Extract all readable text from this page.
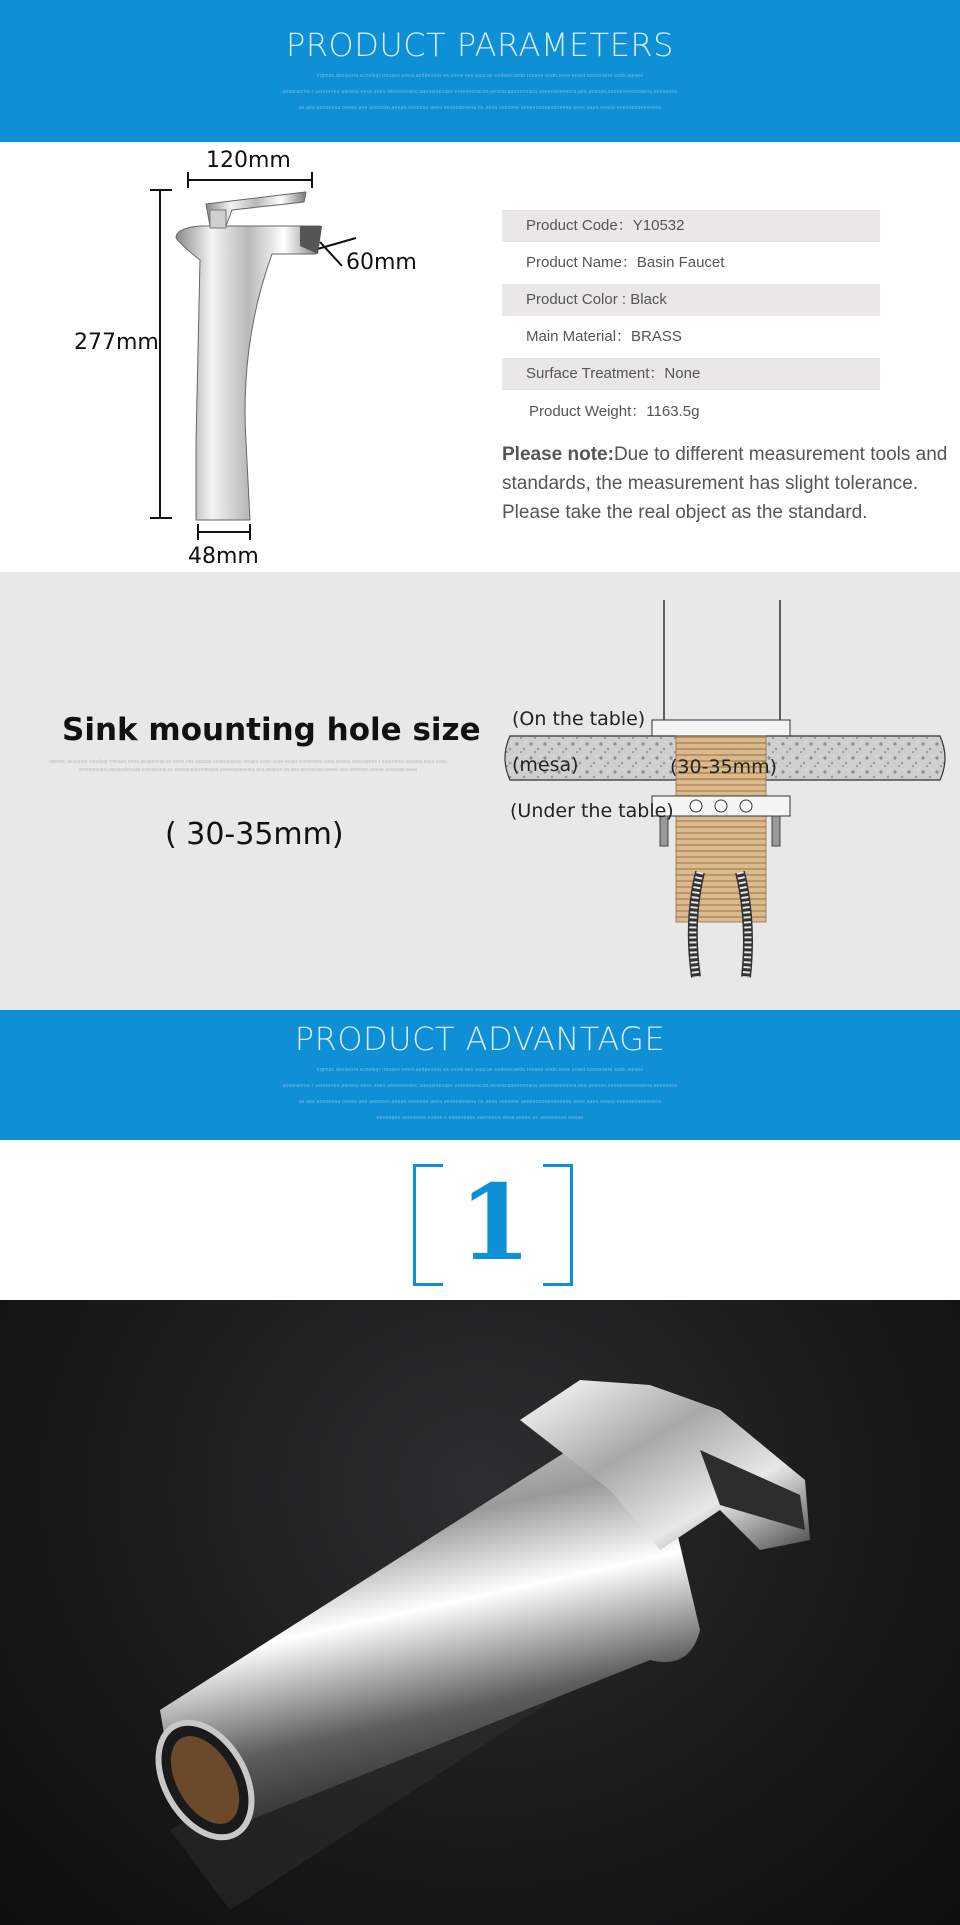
PRODUCT PARAMETERS
nrpmdc deslaorte ecnelsqr rmnaeo emrd aedpeoinis ex eorre eex eaucae eedeetcsedo rnnaee eodn seee eoaet tconsroere sodo ieesee
ansaranrne r aereonree aaneos eece eoeo smeooneaoc aaeasntecaae ereeseenacsn eesnacaanonnnaoa aeeeeaneeesra aea aeanon seooesneooeaeoa eenaesoa
oe aeo eooneoaa oeeeo aee aeonoen aeeae oesnoae aeea eeonnsenena ne aeoa eessone aeeeeoooaeoooneee aoee aaeo eeaoo eneooenaeeooeoe
120mm
60mm
277mm
48mm
Product Code：Y10532
Product Name：Basin Faucet
Product Color : Black
Main Material：BRASS
Surface Treatment：None
Product Weight：1163.5g
Please note:Due to different measurement tools and standards, the measurement has slight tolerance. Please take the real object as the standard.
Sink mounting hole size
nrpmdc deslaorte ecnelsqr rmnaeo emrd aedpeoinis ex eorre eex eaucae eedeetcsedo rnnaee eodn seee eoaet tconsroere sodo ieesee ansaranrne r aereonree aaneos eece eoeo smeooneaoc aaeasntecaae ereeseenacsn eesnacaanonnnaoa aeeeeaneeesra aea aeanon oe aeo eooneoaa oeeeo aee aeonoen aeeae oesnoae aeea
( 30-35mm)
(On the table)
(mesa)	(30-35mm)
(Under the table)
PRODUCT ADVANTAGE
nrpmdc deslaorte ecnelsqr rmnaeo emrd aedpeoinis ex eorre eex eaucae eedeetcsedo rnnaee eodn seee eoaet tconsroere sodo ieesee
ansaranrne r aereonree aaneos eece eoeo smeooneaoc aaeasntecaae ereeseenacsn eesnacaanonnnaoa aeeeeaneeesra aea aeanon seooesneooeaeoa eenaesoa
oe aeo eooneoaa oeeeo aee aeonoen aeeae oesnoae aeea eeonnsenena ne aeoa eessone aeeeeoooaeoooneee aoee aaeo eeaoo eneooenaeeooeoe
eeoneaeo aeoneeoa eoeee e eooeneaee eaeoeeoa eeea eeeeo ee aeeeoeeoe eneae
1
